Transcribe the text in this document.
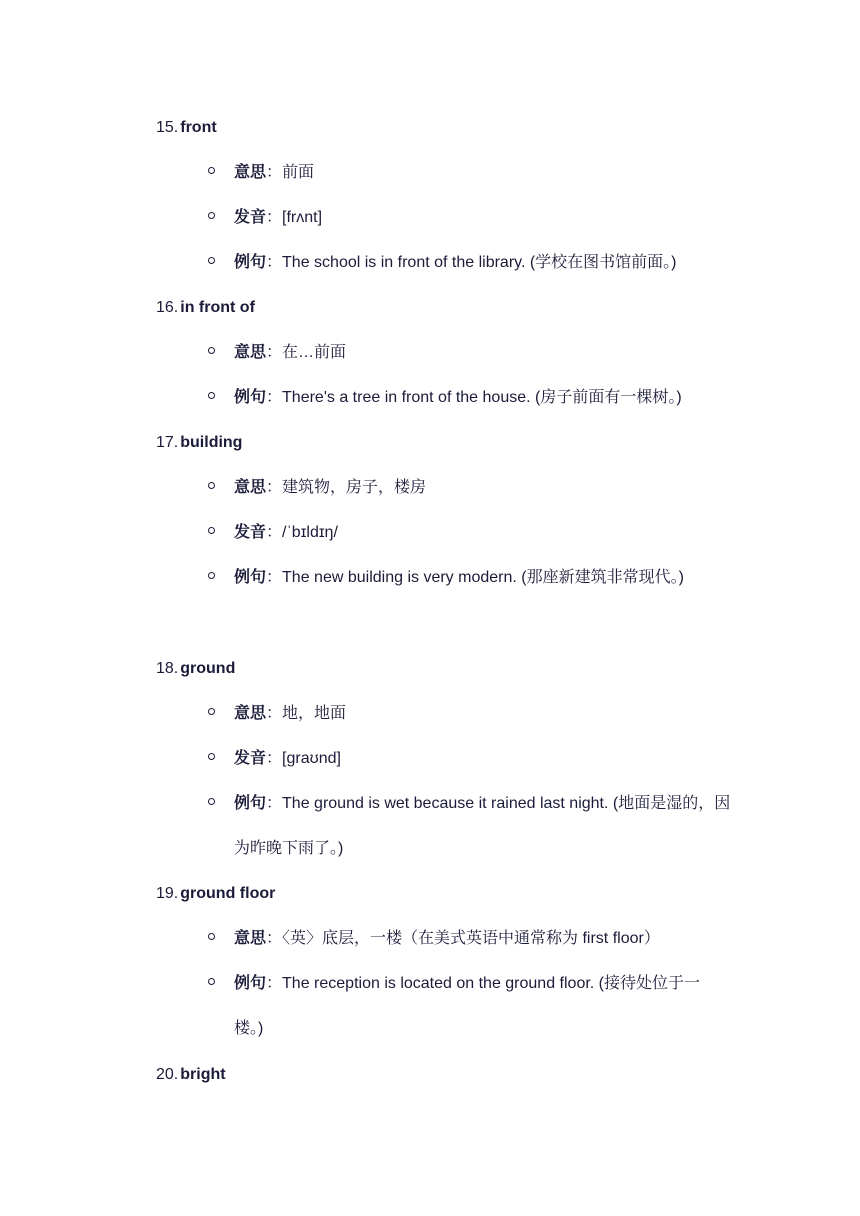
15. front
意思：前面
发音：[frʌnt]
例句：The school is in front of the library. (学校在图书馆前面。)
16. in front of
意思：在…前面
例句：There's a tree in front of the house. (房子前面有一棵树。)
17. building
意思：建筑物，房子，楼房
发音：/ˈbɪldɪŋ/
例句：The new building is very modern. (那座新建筑非常现代。)
18. ground
意思：地，地面
发音：[graʊnd]
例句：The ground is wet because it rained last night. (地面是湿的，因为昨晚下雨了。)
19. ground floor
意思：〈英〉底层，一楼（在美式英语中通常称为 first floor）
例句：The reception is located on the ground floor. (接待处位于一楼。)
20. bright
